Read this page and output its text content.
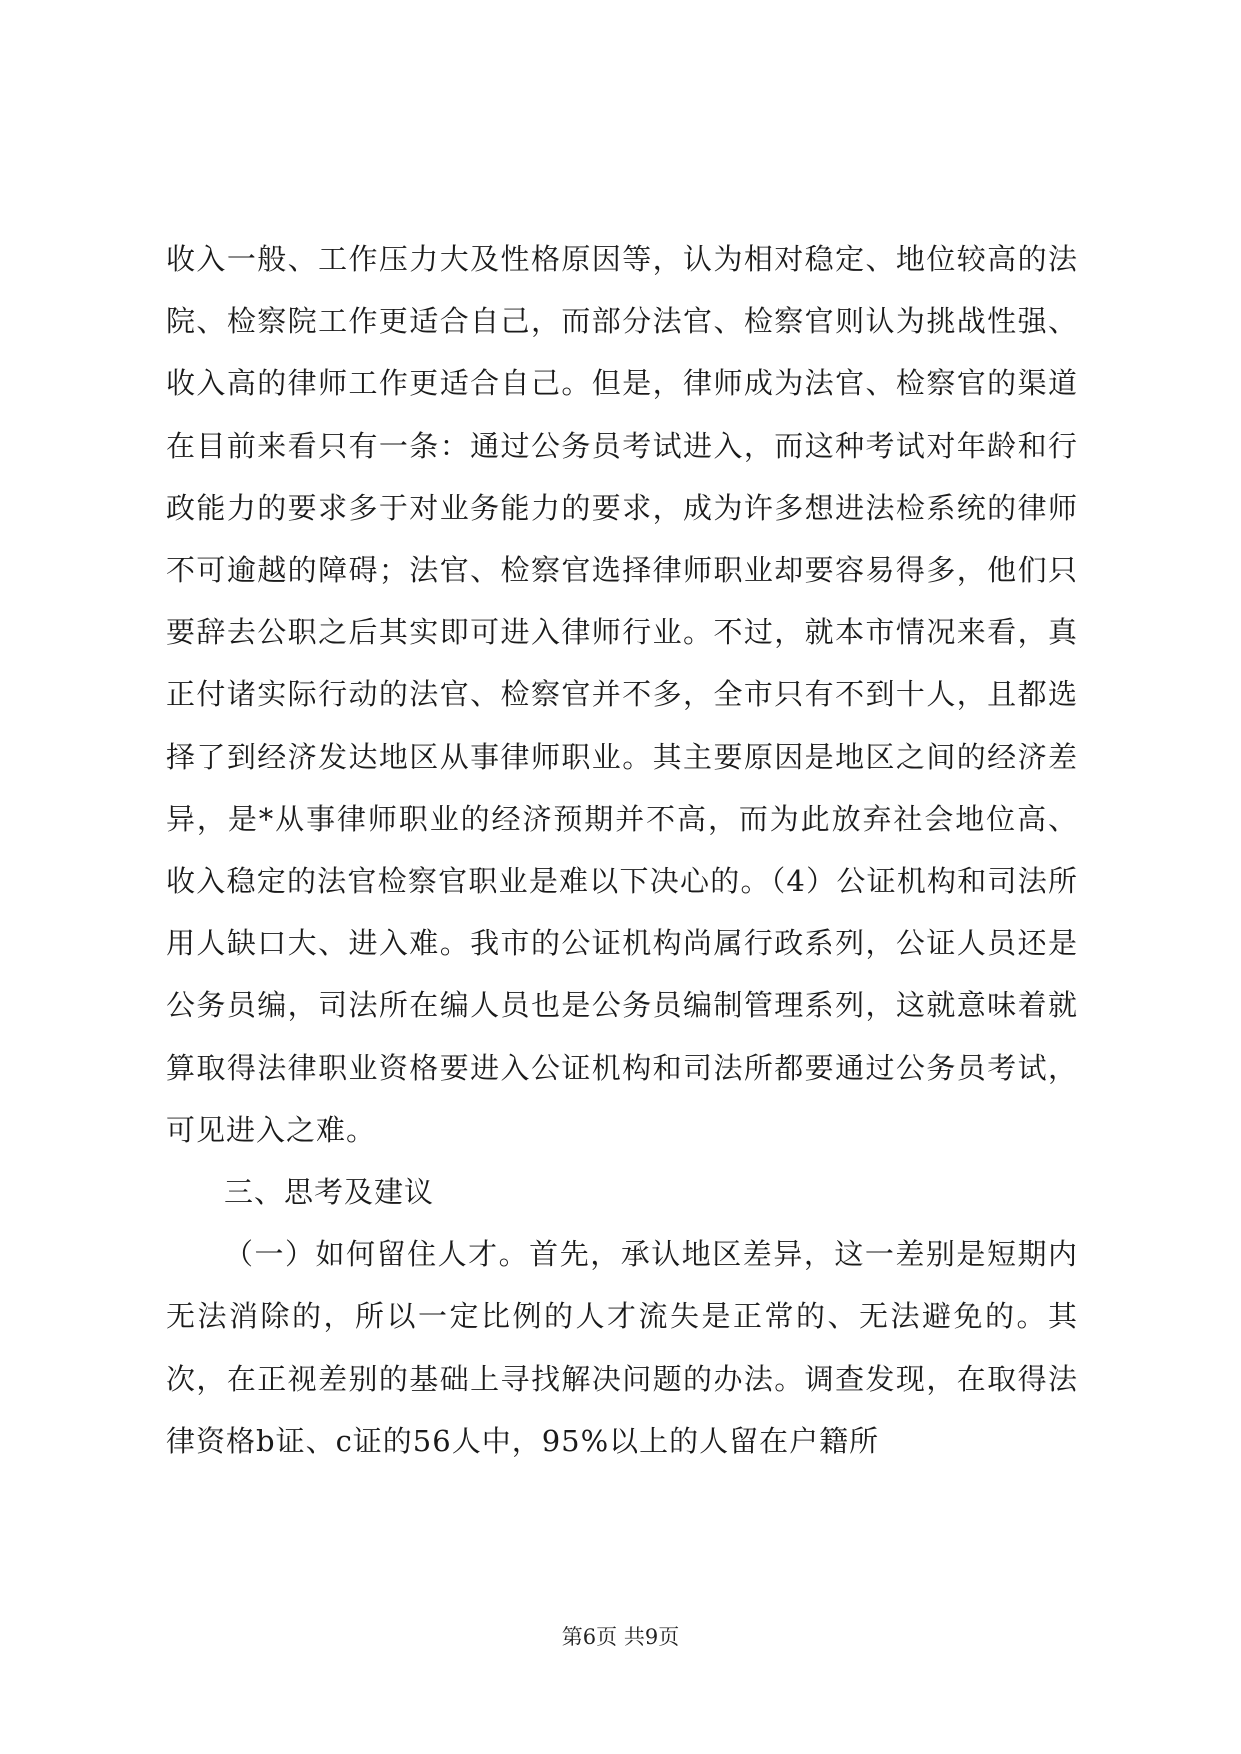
收入一般、工作压力大及性格原因等，认为相对稳定、地位较高的法院、检察院工作更适合自己，而部分法官、检察官则认为挑战性强、收入高的律师工作更适合自己。但是，律师成为法官、检察官的渠道在目前来看只有一条：通过公务员考试进入，而这种考试对年龄和行政能力的要求多于对业务能力的要求，成为许多想进法检系统的律师不可逾越的障碍；法官、检察官选择律师职业却要容易得多，他们只要辞去公职之后其实即可进入律师行业。不过，就本市情况来看，真正付诸实际行动的法官、检察官并不多，全市只有不到十人，且都选择了到经济发达地区从事律师职业。其主要原因是地区之间的经济差异，是*从事律师职业的经济预期并不高，而为此放弃社会地位高、收入稳定的法官检察官职业是难以下决心的。（4）公证机构和司法所用人缺口大、进入难。我市的公证机构尚属行政系列，公证人员还是公务员编，司法所在编人员也是公务员编制管理系列，这就意味着就算取得法律职业资格要进入公证机构和司法所都要通过公务员考试，可见进入之难。

三、思考及建议

（一）如何留住人才。首先，承认地区差异，这一差别是短期内无法消除的，所以一定比例的人才流失是正常的、无法避免的。其次，在正视差别的基础上寻找解决问题的办法。调查发现，在取得法律资格b证、c证的56人中，95%以上的人留在户籍所

第6页 共9页
